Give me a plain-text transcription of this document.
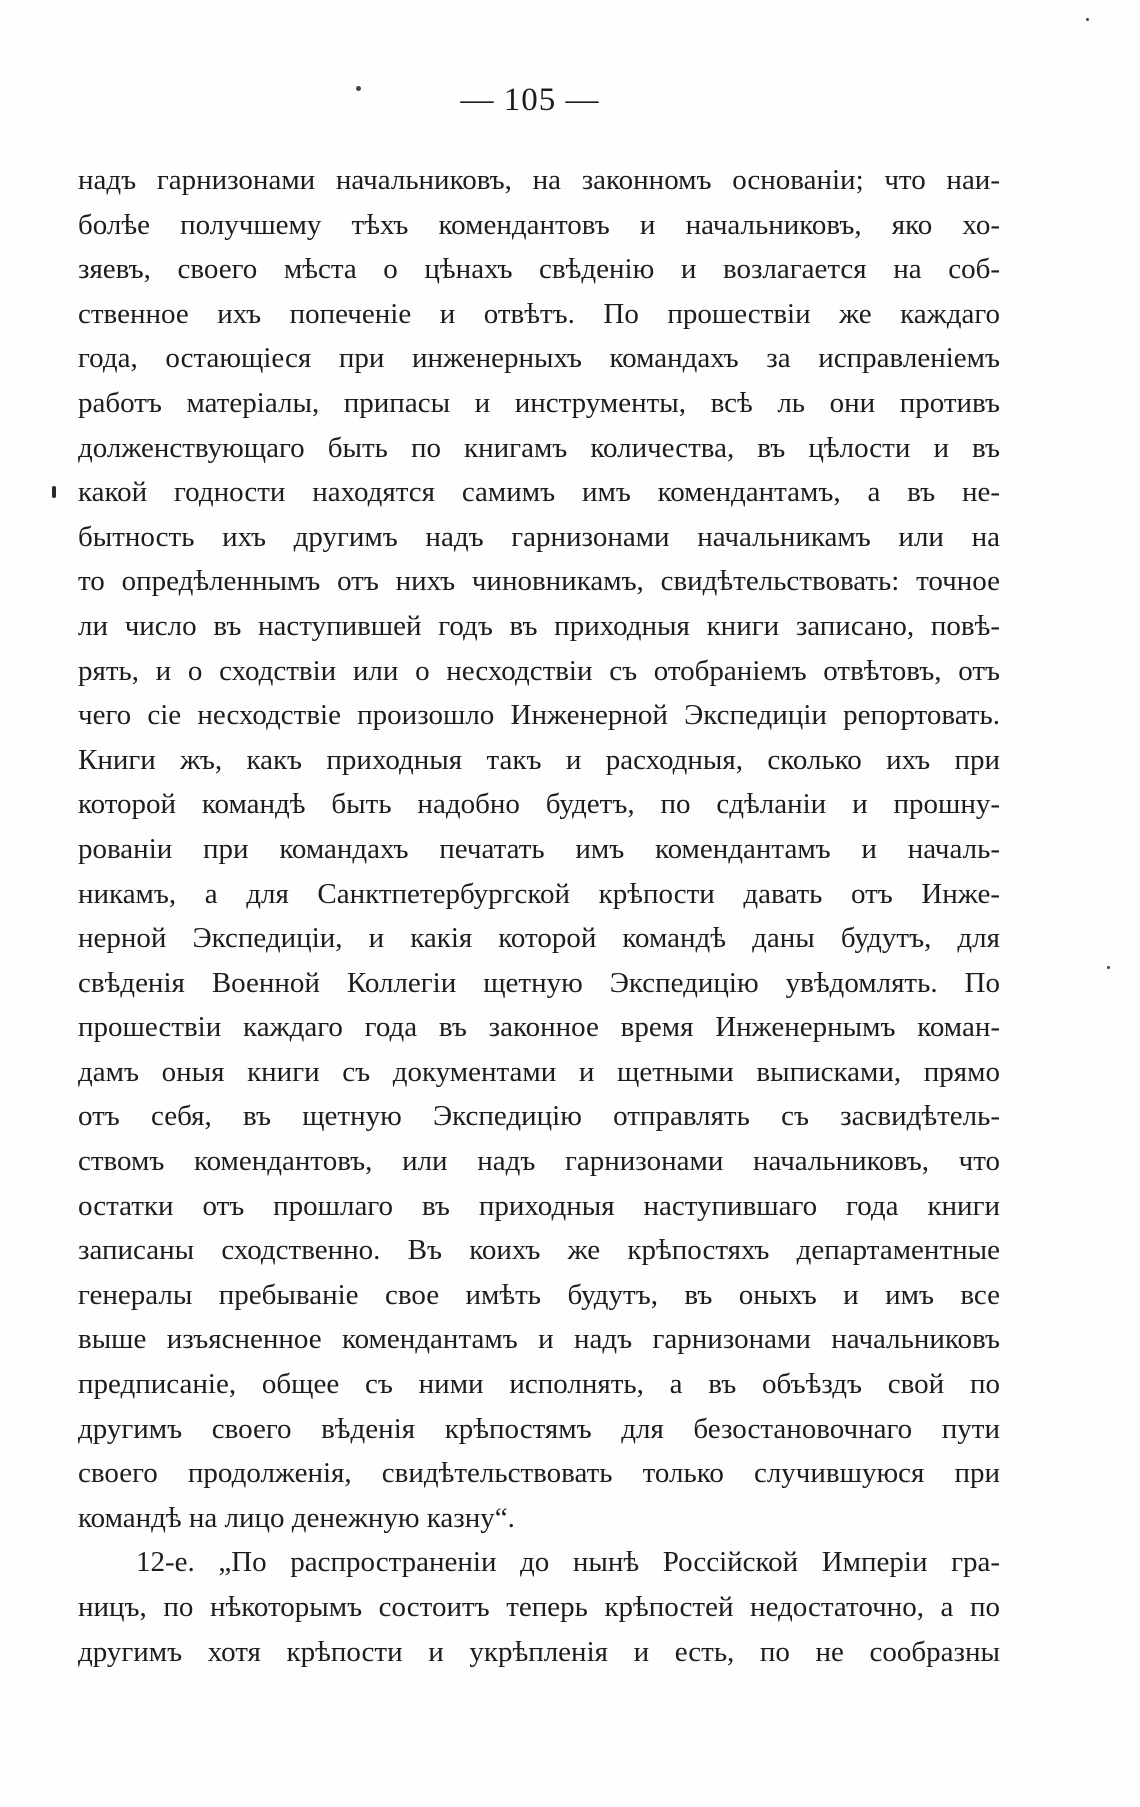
— 105 —
надъ гарнизонами начальниковъ, на законномъ основаніи; что наи-
болѣе получшему тѣхъ комендантовъ и начальниковъ, яко хо-
зяевъ, своего мѣста о цѣнахъ свѣденію и возлагается на соб-
ственное ихъ попеченіе и отвѣтъ. По прошествіи же каждаго
года, остающіеся при инженерныхъ командахъ за исправленіемъ
работъ матеріалы, припасы и инструменты, всѣ ль они противъ
долженствующаго быть по книгамъ количества, въ цѣлости и въ
какой годности находятся самимъ имъ комендантамъ, а въ не-
бытность ихъ другимъ надъ гарнизонами начальникамъ или на
то опредѣленнымъ отъ нихъ чиновникамъ, свидѣтельствовать: точное
ли число въ наступившей годъ въ приходныя книги записано, повѣ-
рять, и о сходствіи или о несходствіи съ отобраніемъ отвѣтовъ, отъ
чего сіе несходствіе произошло Инженерной Экспедиціи репортовать.
Книги жъ, какъ приходныя такъ и расходныя, сколько ихъ при
которой командѣ быть надобно будетъ, по сдѣланіи и прошну-
рованіи при командахъ печатать имъ комендантамъ и началь-
никамъ, а для Санктпетербургской крѣпости давать отъ Инже-
нерной Экспедиціи, и какія которой командѣ даны будутъ, для
свѣденія Военной Коллегіи щетную Экспедицію увѣдомлять. По
прошествіи каждаго года въ законное время Инженернымъ коман-
дамъ оныя книги съ документами и щетными выписками, прямо
отъ себя, въ щетную Экспедицію отправлять съ засвидѣтель-
ствомъ комендантовъ, или надъ гарнизонами начальниковъ, что
остатки отъ прошлаго въ приходныя наступившаго года книги
записаны сходственно. Въ коихъ же крѣпостяхъ департаментные
генералы пребываніе свое имѣть будутъ, въ оныхъ и имъ все
выше изъясненное комендантамъ и надъ гарнизонами начальниковъ
предписаніе, общее съ ними исполнять, а въ объѣздъ свой по
другимъ своего вѣденія крѣпостямъ для безостановочнаго пути
своего продолженія, свидѣтельствовать только случившуюся при
командѣ на лицо денежную казну“.
12-е. „По распространеніи до нынѣ Россійской Имперіи гра-
ницъ, по нѣкоторымъ состоитъ теперь крѣпостей недостаточно, а по
другимъ хотя крѣпости и укрѣпленія и есть, по не сообразны
